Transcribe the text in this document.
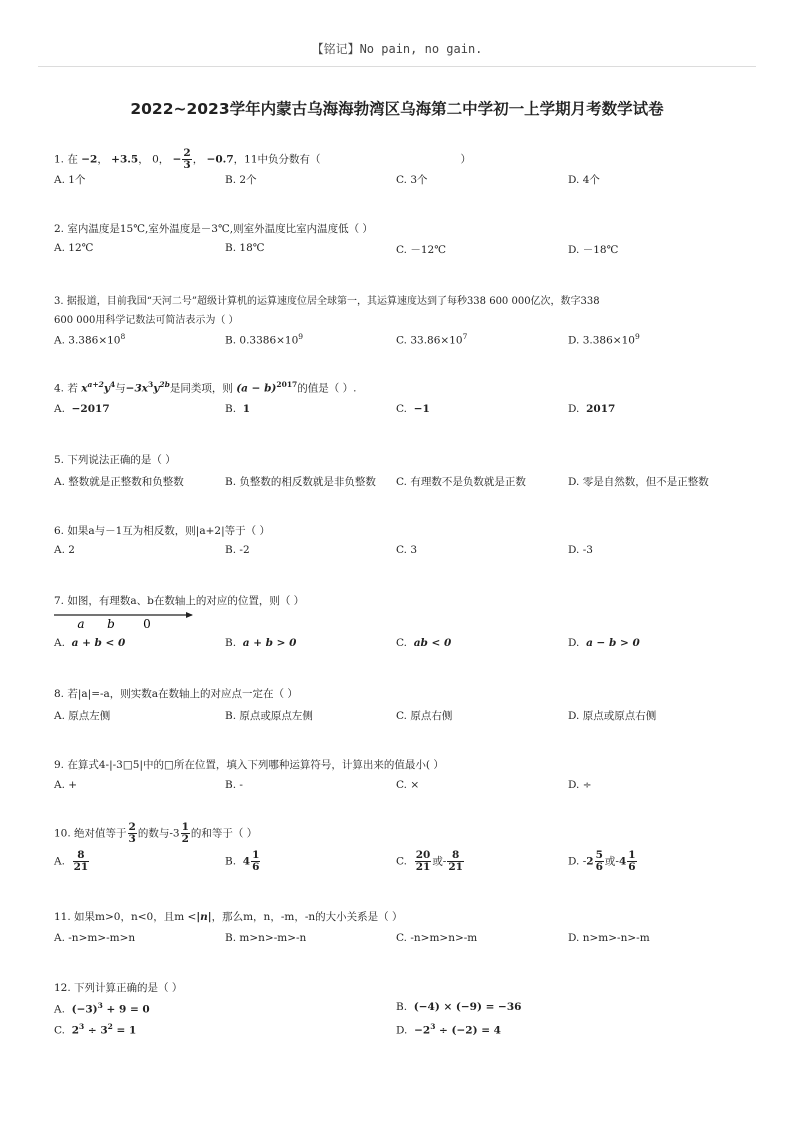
【铭记】No pain, no gain.
2022~2023学年内蒙古乌海海勃湾区乌海第二中学初一上学期月考数学试卷
1. 在 −2， +3.5， 0， − $\frac{2}{3}$ ， −0.7，11中负分数有（	）
A. 1个	B. 2个	C. 3个	D. 4个
2. 室内温度是15℃,室外温度是－3℃,则室外温度比室内温度低（ ）
A. 12℃	B. 18℃	C. －12℃	D. －18℃
3. 据报道，目前我国“天河二号”超级计算机的运算速度位居全球第一，其运算速度达到了每秒338 600 000亿次，数字338
600 000用科学记数法可简洁表示为（ ）
A. $3.386\times 10^8$	B. $0.3386\times 10^9$	C. $33.86\times 10^7$	D. $3.386\times 10^9$
4. 若 $x^{a+2}y^4$与$-3x^3y^{2b}$是同类项，则 $(a - b)^{2017}$的值是（ ）.
A. −2017	B. 1	C. −1	D. 2017
5. 下列说法正确的是（ ）
A. 整数就是正整数和负整数	B. 负整数的相反数就是非负整数 C. 有理数不是负数就是正数	D. 零是自然数，但不是正整数
6. 如果a与－1互为相反数，则|a+2|等于（ ）
A. 2	B. -2	C. 3	D. -3
7. 如图，有理数a、b在数轴上的对应的位置，则（ ）
a b 0
A. a + b < 0	B. a + b > 0	C. ab < 0	D. a − b > 0
8. 若|a|=-a，则实数a在数轴上的对应点一定在（ ）
A. 原点左侧	B. 原点或原点左侧	C. 原点右侧	D. 原点或原点右侧
9. 在算式4-|-3□5|中的□所在位置，填入下列哪种运算符号，计算出来的值最小( ）
A. +	B. -	C. ×	D. ÷
10. 绝对值等于 $\frac{2}{3}$ 的数与$-3 \frac{1}{2}$ 的和等于（ ）
A. $\frac{8}{21}$	B. $4 \frac{1}{6}$	C. $\frac{20}{21}$ 或- $\frac{8}{21}$	D. $-2 \frac{5}{6}$ 或$-4 \frac{1}{6}$
11. 如果m>0，n<0，且m <|n|，那么m，n，-m，-n的大小关系是（ ）
A. -n>m>-m>n	B. m>n>-m>-n	C. -n>m>n>-m	D. n>m>-n>-m
12. 下列计算正确的是（ ）
A. $(-3)^3 + 9 = 0$	B. (−4) × (−9) = −36
C. $2^3 \div 3^2 = 1$	D. $-2^3 \div (-2) = 4$
